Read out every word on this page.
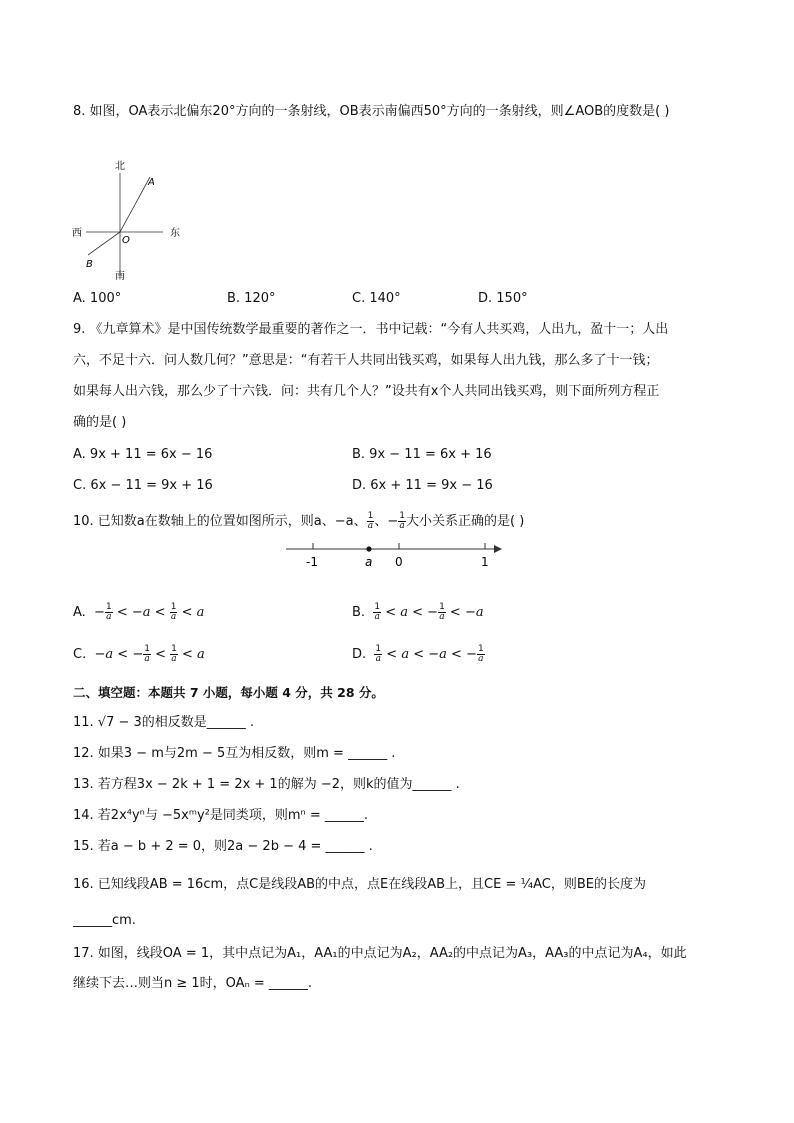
8. 如图，OA表示北偏东20°方向的一条射线，OB表示南偏西50°方向的一条射线，则∠AOB的度数是( )
北
南
东
西
O
A
B
A. 100°	B. 120°	C. 140°	D. 150°
9. 《九章算术》是中国传统数学最重要的著作之一．书中记载：“今有人共买鸡，人出九，盈十一；人出
六，不足十六．问人数几何？”意思是：“有若干人共同出钱买鸡，如果每人出九钱，那么多了十一钱；
如果每人出六钱，那么少了十六钱．问：共有几个人？”设共有x个人共同出钱买鸡，则下面所列方程正
确的是( )
A. 9x + 11 = 6x − 16	B. 9x − 11 = 6x + 16
C. 6x − 11 = 9x + 16	D. 6x + 11 = 9x − 16
10. 已知数a在数轴上的位置如图所示，则a、−a、 $\frac{1}{a}$ 、− $\frac{1}{a}$ 大小关系正确的是( )
-1	a 0	1
A.  − $\frac{1}{a} < -a < \frac{1}{a} < a$	B. $\frac{1}{a} < a$ < − $\frac{1}{a} < -a$
C.  −a < − $\frac{1}{a} < \frac{1}{a} < a$	D. $\frac{1}{a} < a < -a$ < − $\frac{1}{a}$
二、填空题：本题共 7 小题，每小题 4 分，共 28 分。
11. √7 − 3的相反数是______ .
12. 如果3 − m与2m − 5互为相反数，则m = ______ .
13. 若方程3x − 2k + 1 = 2x + 1的解为 −2，则k的值为______ .
14. 若2x⁴yⁿ与 −5xᵐy²是同类项，则mⁿ = ______.
15. 若a − b + 2 = 0，则2a − 2b − 4 = ______ .
16. 已知线段AB = 16cm，点C是线段AB的中点，点E在线段AB上，且CE = ¼AC，则BE的长度为
______cm.
17. 如图，线段OA = 1，其中点记为A₁，AA₁的中点记为A₂，AA₂的中点记为A₃，AA₃的中点记为A₄，如此
继续下去…则当n ≥ 1时，OAₙ = ______.
